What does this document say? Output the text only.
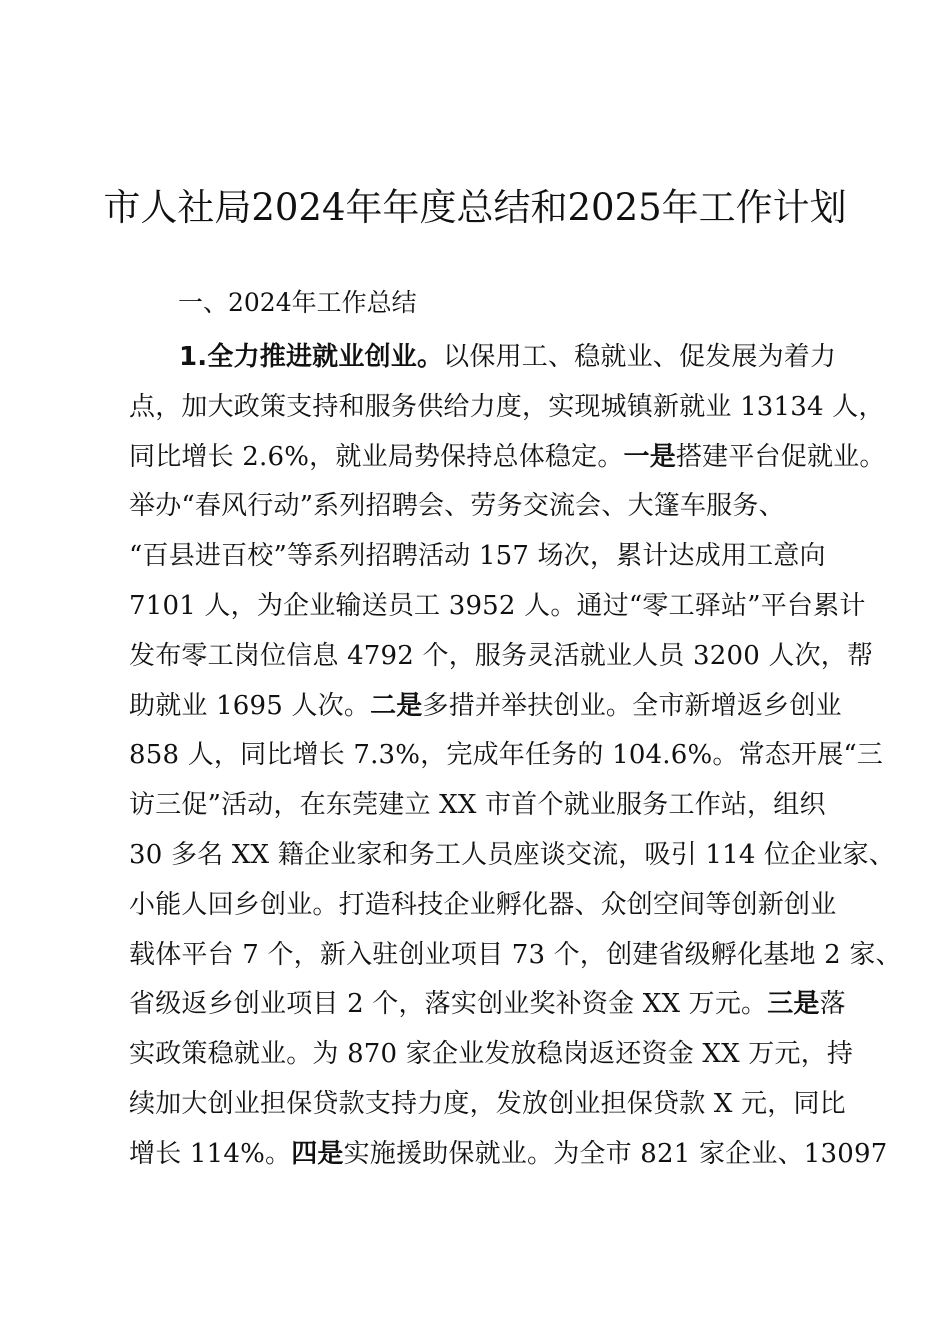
市人社局2024年年度总结和2025年工作计划

一、2024年工作总结

1.全力推进就业创业。以保用工、稳就业、促发展为着力
点，加大政策支持和服务供给力度，实现城镇新就业 13134 人，
同比增长 2.6%，就业局势保持总体稳定。一是搭建平台促就业。
举办“春风行动”系列招聘会、劳务交流会、大篷车服务、
“百县进百校”等系列招聘活动 157 场次，累计达成用工意向
7101 人，为企业输送员工 3952 人。通过“零工驿站”平台累计
发布零工岗位信息 4792 个，服务灵活就业人员 3200 人次，帮
助就业 1695 人次。二是多措并举扶创业。全市新增返乡创业
858 人，同比增长 7.3%，完成年任务的 104.6%。常态开展“三
访三促”活动，在东莞建立 XX 市首个就业服务工作站，组织
30 多名 XX 籍企业家和务工人员座谈交流，吸引 114 位企业家、
小能人回乡创业。打造科技企业孵化器、众创空间等创新创业
载体平台 7 个，新入驻创业项目 73 个，创建省级孵化基地 2 家、
省级返乡创业项目 2 个，落实创业奖补资金 XX 万元。三是落
实政策稳就业。为 870 家企业发放稳岗返还资金 XX 万元，持
续加大创业担保贷款支持力度，发放创业担保贷款 X 元，同比
增长 114%。四是实施援助保就业。为全市 821 家企业、13097
